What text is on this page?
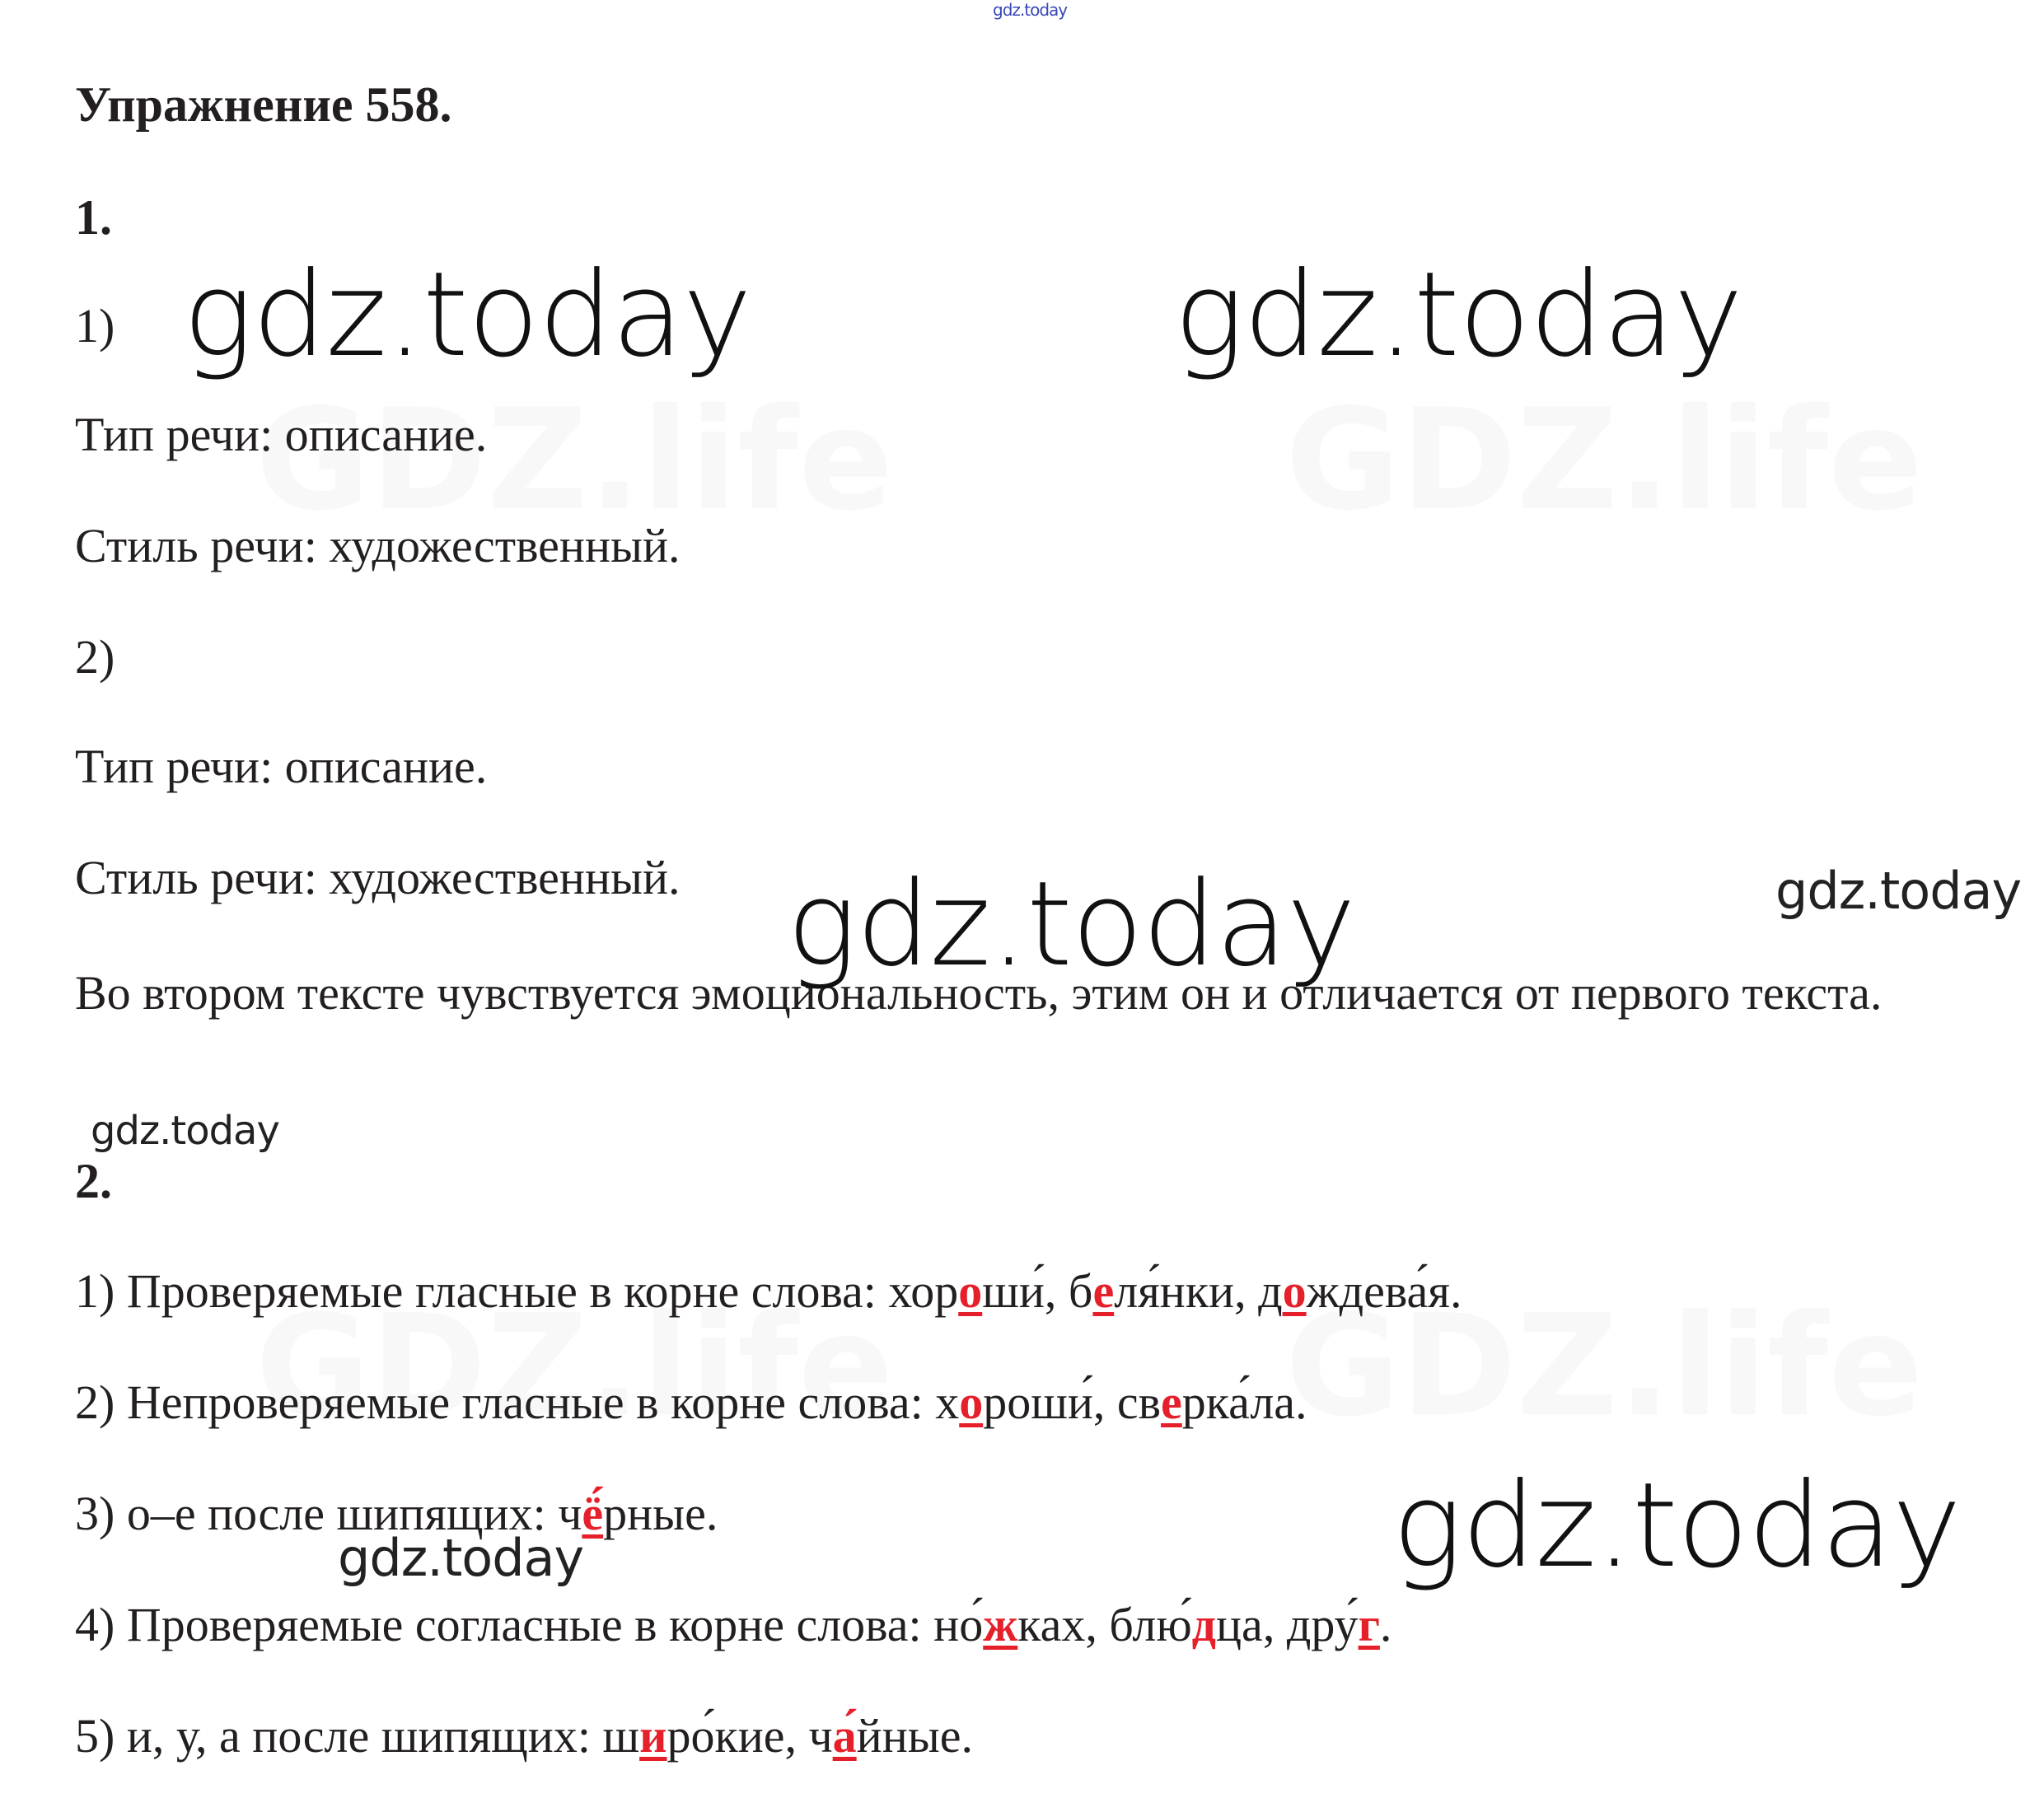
gdz.today
Упражнение 558.
1.
1)
Тип речи: описание.
Стиль речи: художественный.
2)
Тип речи: описание.
Стиль речи: художественный.
Во втором тексте чувствуется эмоциональность, этим он и отличается от первого текста.
2.
1) Проверяемые гласные в корне слова: хороши́, беля́нки, дождева́я.
2) Непроверяемые гласные в корне слова: хороши́, сверка́ла.
3) о–е после шипящих: чё́рные.
4) Проверяемые согласные в корне слова: но́жках, блю́дца, дру́г.
5) и, у, а после шипящих: широ́кие, ча́йные.
gdz.today	gdz.today
gdz.today	gdz.today
gdz.today
gdz.today
gdz.today
